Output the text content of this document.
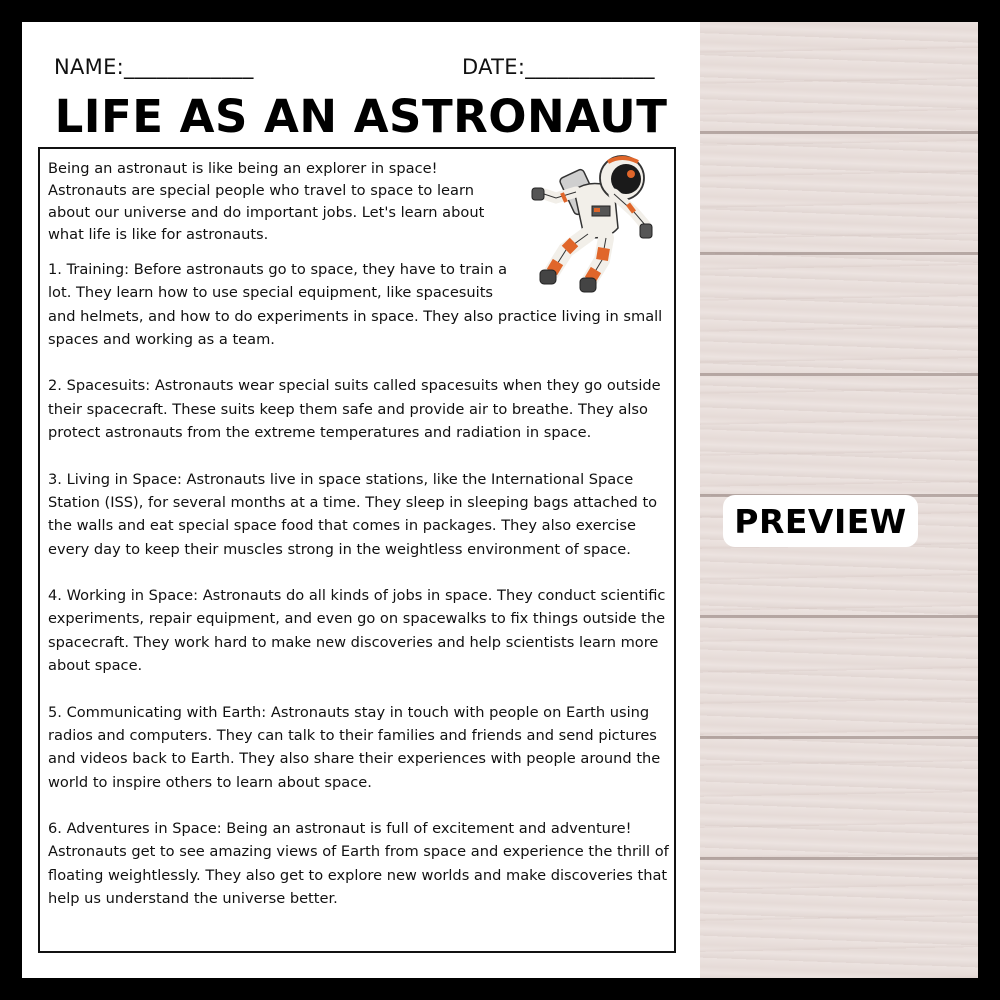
NAME:____________	DATE:____________
LIFE AS AN ASTRONAUT

Being an astronaut is like being an explorer in space! Astronauts are special people who travel to space to learn about our universe and do important jobs. Let's learn about what life is like for astronauts.

1. Training: Before astronauts go to space, they have to train a lot. They learn how to use special equipment, like spacesuits and helmets, and how to do experiments in space. They also practice living in small spaces and working as a team.

2. Spacesuits: Astronauts wear special suits called spacesuits when they go outside their spacecraft. These suits keep them safe and provide air to breathe. They also protect astronauts from the extreme temperatures and radiation in space.

3. Living in Space: Astronauts live in space stations, like the International Space Station (ISS), for several months at a time. They sleep in sleeping bags attached to the walls and eat special space food that comes in packages. They also exercise every day to keep their muscles strong in the weightless environment of space.

4. Working in Space: Astronauts do all kinds of jobs in space. They conduct scientific experiments, repair equipment, and even go on spacewalks to fix things outside the spacecraft. They work hard to make new discoveries and help scientists learn more about space.

5. Communicating with Earth: Astronauts stay in touch with people on Earth using radios and computers. They can talk to their families and friends and send pictures and videos back to Earth. They also share their experiences with people around the world to inspire others to learn about space.

6. Adventures in Space: Being an astronaut is full of excitement and adventure! Astronauts get to see amazing views of Earth from space and experience the thrill of floating weightlessly. They also get to explore new worlds and make discoveries that help us understand the universe better.

PREVIEW
